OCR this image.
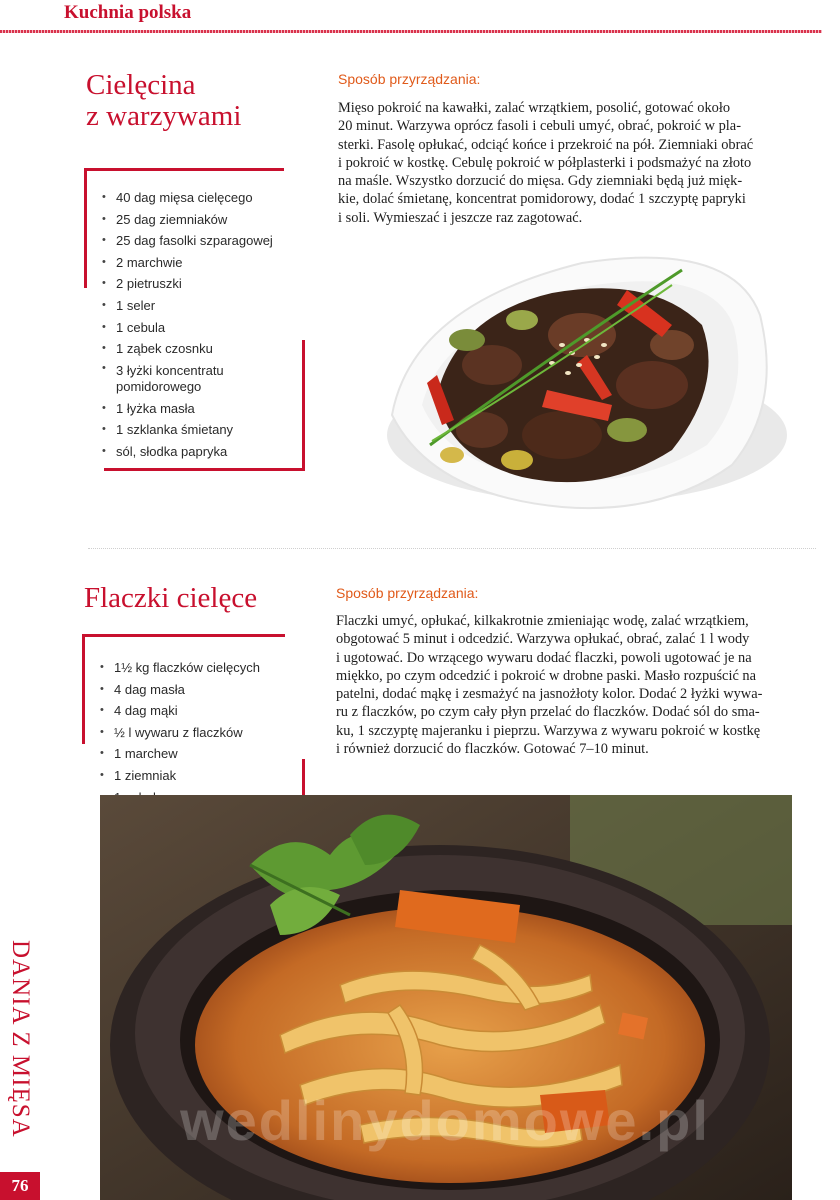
Kuchnia polska
Cielęcina
z warzywami
Sposób przyrządzania:
Mięso pokroić na kawałki, zalać wrzątkiem, posolić, gotować około
20 minut. Warzywa oprócz fasoli i cebuli umyć, obrać, pokroić w pla-
sterki. Fasolę opłukać, odciąć końce i przekroić na pół. Ziemniaki obrać
i pokroić w kostkę. Cebulę pokroić w półplasterki i podsmażyć na złoto
na maśle. Wszystko dorzucić do mięsa. Gdy ziemniaki będą już mięk-
kie, dolać śmietanę, koncentrat pomidorowy, dodać 1 szczyptę papryki
i soli. Wymieszać i jeszcze raz zagotować.
• 40 dag mięsa cielęcego
• 25 dag ziemniaków
• 25 dag fasolki szparagowej
• 2 marchwie
• 2 pietruszki
• 1 seler
• 1 cebula
• 1 ząbek czosnku
• 3 łyżki koncentratu pomidorowego
• 1 łyżka masła
• 1 szklanka śmietany
• sól, słodka papryka
Flaczki cielęce	Sposób przyrządzania:
Flaczki umyć, opłukać, kilkakrotnie zmieniając wodę, zalać wrzątkiem,
obgotować 5 minut i odcedzić. Warzywa opłukać, obrać, zalać 1 l wody
i ugotować. Do wrzącego wywaru dodać flaczki, powoli ugotować je na
miękko, po czym odcedzić i pokroić w drobne paski. Masło rozpuścić na
patelni, dodać mąkę i zesmażyć na jasnożłoty kolor. Dodać 2 łyżki wywa-
ru z flaczków, po czym cały płyn przelać do flaczków. Dodać sól do sma-
ku, 1 szczyptę majeranku i pieprzu. Warzywa z wywaru pokroić w kostkę
i również dorzucić do flaczków. Gotować 7–10 minut.
• 1½ kg flaczków cielęcych
• 4 dag masła
• 4 dag mąki
• ½ l wywaru z flaczków
• 1 marchew
• 1 ziemniak
•
•
•
•
wedlinydomowe.pl
DANIA Z MIĘSA
76
